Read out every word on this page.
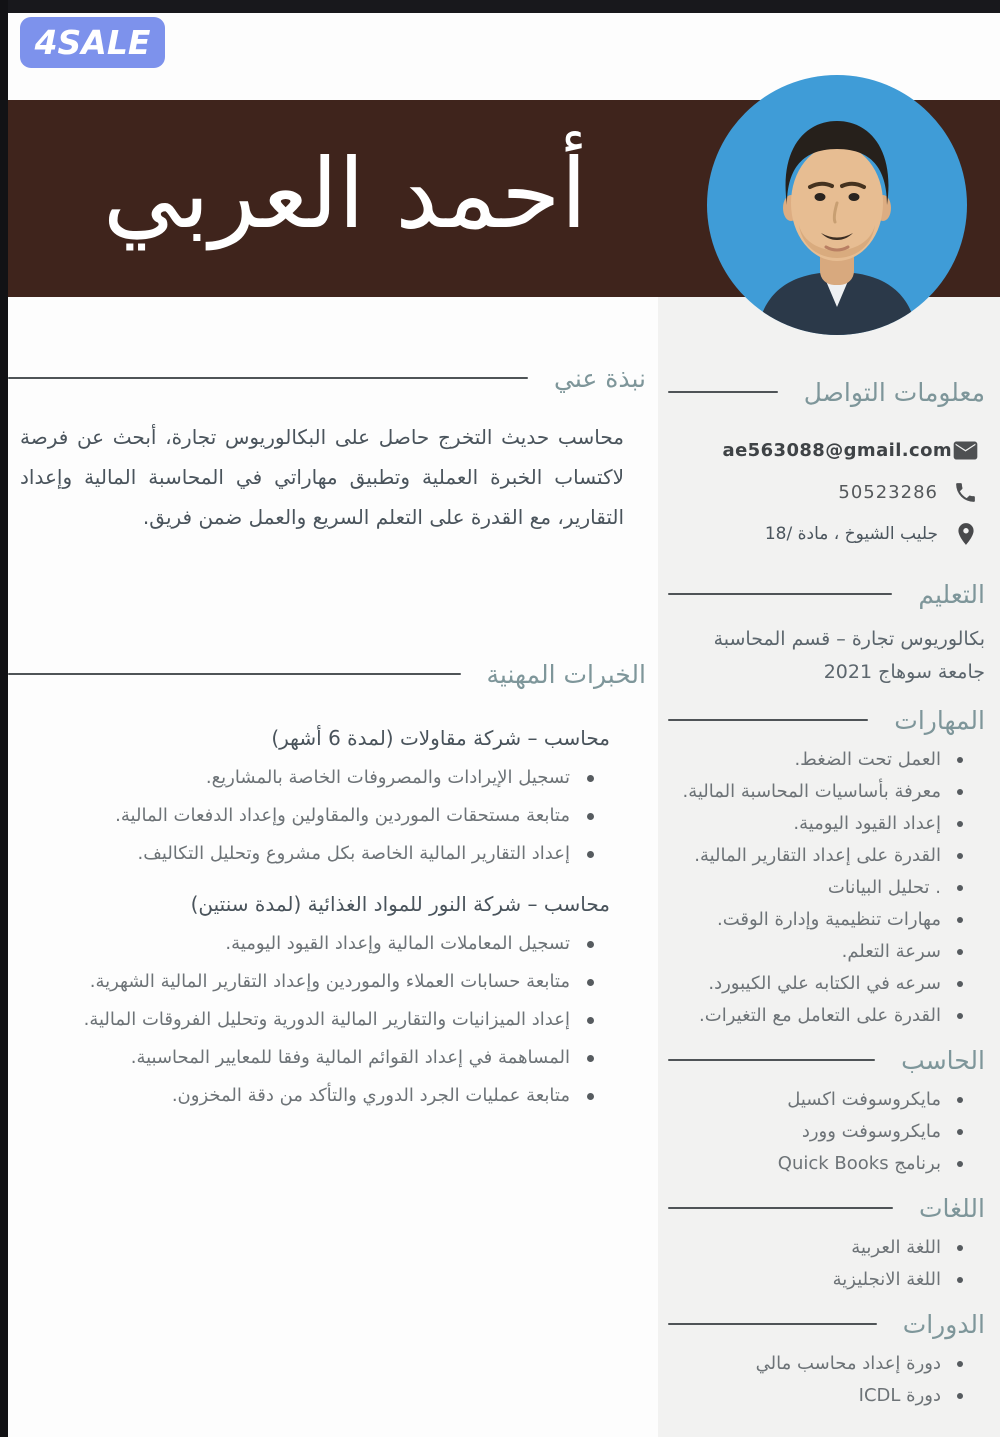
4SALE
أحمد العربي
نبذة عني

محاسب حديث التخرج حاصل على البكالوريوس تجارة، أبحث عن فرصة لاكتساب الخبرة العملية وتطبيق مهاراتي في المحاسبة المالية وإعداد التقارير، مع القدرة على التعلم السريع والعمل ضمن فريق.

الخبرات المهنية
محاسب – شركة مقاولات (لمدة 6 أشهر)
تسجيل الإيرادات والمصروفات الخاصة بالمشاريع.
متابعة مستحقات الموردين والمقاولين وإعداد الدفعات المالية.
إعداد التقارير المالية الخاصة بكل مشروع وتحليل التكاليف.
محاسب – شركة النور للمواد الغذائية (لمدة سنتين)
تسجيل المعاملات المالية وإعداد القيود اليومية.
متابعة حسابات العملاء والموردين وإعداد التقارير المالية الشهرية.
إعداد الميزانيات والتقارير المالية الدورية وتحليل الفروقات المالية.
المساهمة في إعداد القوائم المالية وفقا للمعايير المحاسبية.
متابعة عمليات الجرد الدوري والتأكد من دقة المخزون.
معلومات التواصل
ae563088@gmail.com
50523286
جليب الشيوخ ، مادة /18
التعليم
بكالوريوس تجارة – قسم المحاسبة
جامعة سوهاج 2021
المهارات
العمل تحت الضغط.
معرفة بأساسيات المحاسبة المالية.
إعداد القيود اليومية.
القدرة على إعداد التقارير المالية.
. تحليل البيانات
مهارات تنظيمية وإدارة الوقت.
سرعة التعلم.
سرعه في الكتابه علي الكيبورد.
القدرة على التعامل مع التغيرات.
الحاسب
مايكروسوفت اكسيل
مايكروسوفت وورد
برنامج Quick Books
اللغات
اللغة العربية
اللغة الانجليزية
الدورات
دورة إعداد محاسب مالي
دورة ICDL
